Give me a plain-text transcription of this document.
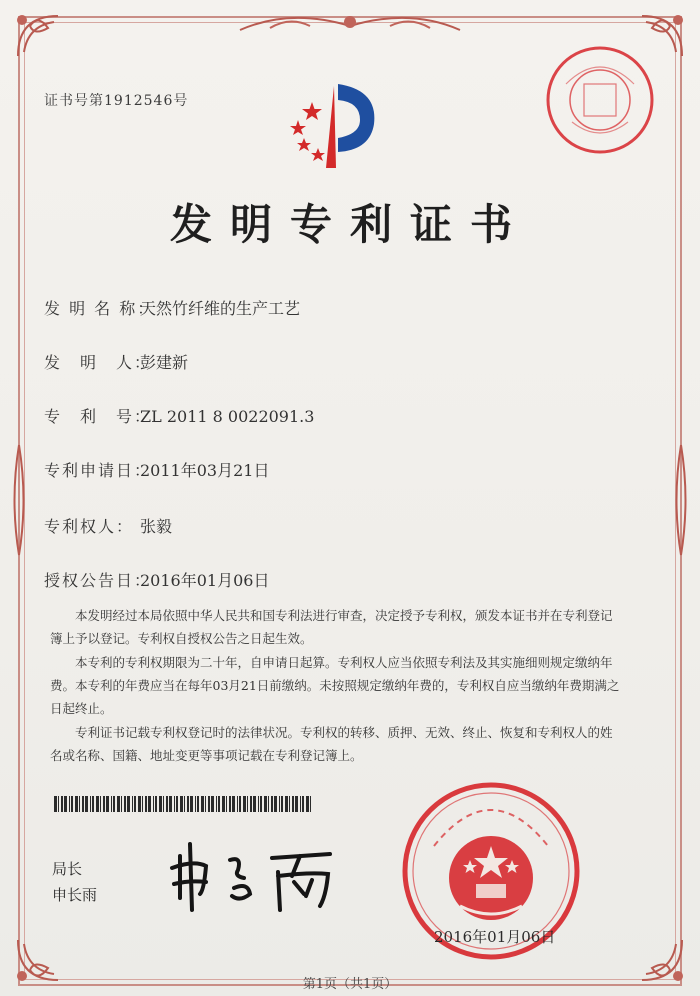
证书号第1912546号
发明专利证书
发 明 名 称：天然竹纤维的生产工艺
发　明　人：彭建新
专　利　号：ZL 2011 8 0022091.3
专利申请日：2011年03月21日
专利权人： 张毅
授权公告日：2016年01月06日

本发明经过本局依照中华人民共和国专利法进行审查，决定授予专利权，颁发本证书并在专利登记簿上予以登记。专利权自授权公告之日起生效。

本专利的专利权期限为二十年，自申请日起算。专利权人应当依照专利法及其实施细则规定缴纳年费。本专利的年费应当在每年03月21日前缴纳。未按照规定缴纳年费的，专利权自应当缴纳年费期满之日起终止。

专利证书记载专利权登记时的法律状况。专利权的转移、质押、无效、终止、恢复和专利权人的姓名或名称、国籍、地址变更等事项记载在专利登记簿上。

局长
申长雨
2016年01月06日
第1页（共1页）
